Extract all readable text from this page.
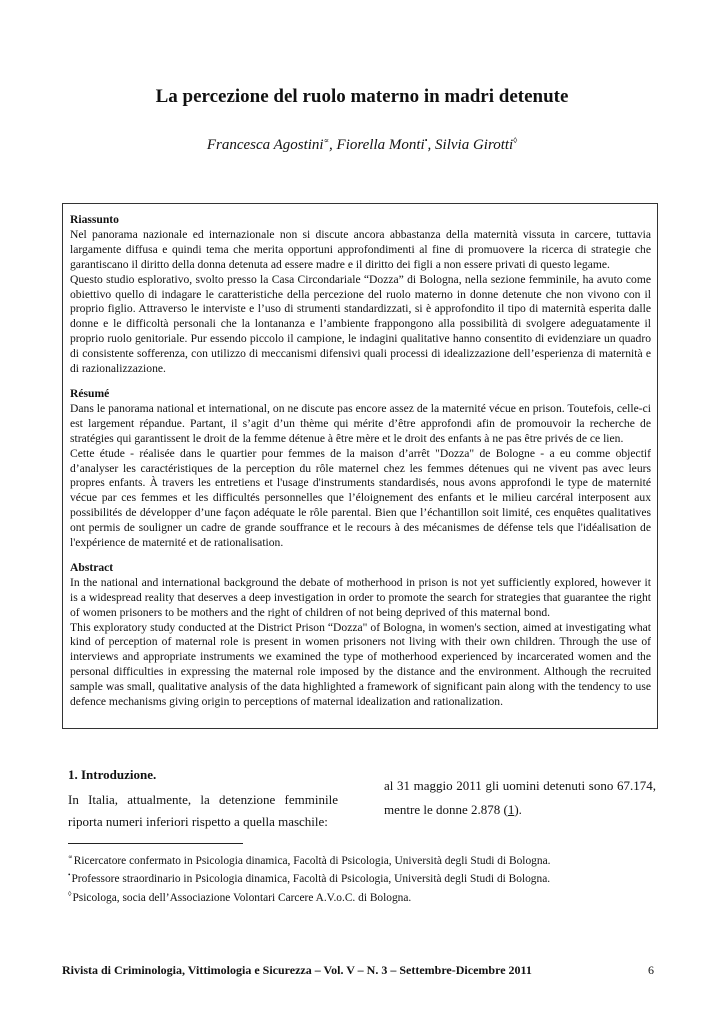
La percezione del ruolo materno in madri detenute
Francesca Agostini∝, Fiorella Monti•, Silvia Girotti◊
Riassunto

Nel panorama nazionale ed internazionale non si discute ancora abbastanza della maternità vissuta in carcere, tuttavia largamente diffusa e quindi tema che merita opportuni approfondimenti al fine di promuovere la ricerca di strategie che garantiscano il diritto della donna detenuta ad essere madre e il diritto dei figli a non essere privati di questo legame.

Questo studio esplorativo, svolto presso la Casa Circondariale “Dozza” di Bologna, nella sezione femminile, ha avuto come obiettivo quello di indagare le caratteristiche della percezione del ruolo materno in donne detenute che non vivono con il proprio figlio. Attraverso le interviste e l’uso di strumenti standardizzati, si è approfondito il tipo di maternità esperita dalle donne e le difficoltà personali che la lontananza e l’ambiente frappongono alla possibilità di svolgere adeguatamente il proprio ruolo genitoriale. Pur essendo piccolo il campione, le indagini qualitative hanno consentito di evidenziare un quadro di consistente sofferenza, con utilizzo di meccanismi difensivi quali processi di idealizzazione dell’esperienza di maternità e di razionalizzazione.

Résumé

Dans le panorama national et international, on ne discute pas encore assez de la maternité vécue en prison. Toutefois, celle-ci est largement répandue. Partant, il s’agit d’un thème qui mérite d’être approfondi afin de promouvoir la recherche de stratégies qui garantissent le droit de la femme détenue à être mère et le droit des enfants à ne pas être privés de ce lien.

Cette étude - réalisée dans le quartier pour femmes de la maison d’arrêt "Dozza" de Bologne - a eu comme objectif d’analyser les caractéristiques de la perception du rôle maternel chez les femmes détenues qui ne vivent pas avec leurs propres enfants. À travers les entretiens et l'usage d'instruments standardisés, nous avons approfondi le type de maternité vécue par ces femmes et les difficultés personnelles que l’éloignement des enfants et le milieu carcéral interposent aux possibilités de développer d’une façon adéquate le rôle parental. Bien que l’échantillon soit limité, ces enquêtes qualitatives ont permis de souligner un cadre de grande souffrance et le recours à des mécanismes de défense tels que l'idéalisation de l'expérience de maternité et de rationalisation.

Abstract

In the national and international background the debate of motherhood in prison is not yet sufficiently explored, however it is a widespread reality that deserves a deep investigation in order to promote the search for strategies that guarantee the right of women prisoners to be mothers and the right of children of not being deprived of this maternal bond.

This exploratory study conducted at the District Prison “Dozza" of Bologna, in women's section, aimed at investigating what kind of perception of maternal role is present in women prisoners not living with their own children. Through the use of interviews and appropriate instruments we examined the type of motherhood experienced by incarcerated women and the personal difficulties in expressing the maternal role imposed by the distance and the environment. Although the recruited sample was small, qualitative analysis of the data highlighted a framework of significant pain along with the tendency to use defence mechanisms giving origin to perceptions of maternal idealization and rationalization.

1. Introduzione.

In Italia, attualmente, la detenzione femminile riporta numeri inferiori rispetto a quella maschile:

al 31 maggio 2011 gli uomini detenuti sono 67.174, mentre le donne 2.878 (1).
∝Ricercatore confermato in Psicologia dinamica, Facoltà di Psicologia, Università degli Studi di Bologna.
•Professore straordinario in Psicologia dinamica, Facoltà di Psicologia, Università degli Studi di Bologna.
◊Psicologa, socia dell’Associazione Volontari Carcere A.V.o.C. di Bologna.
Rivista di Criminologia, Vittimologia e Sicurezza – Vol. V – N. 3 – Settembre-Dicembre 2011	6
